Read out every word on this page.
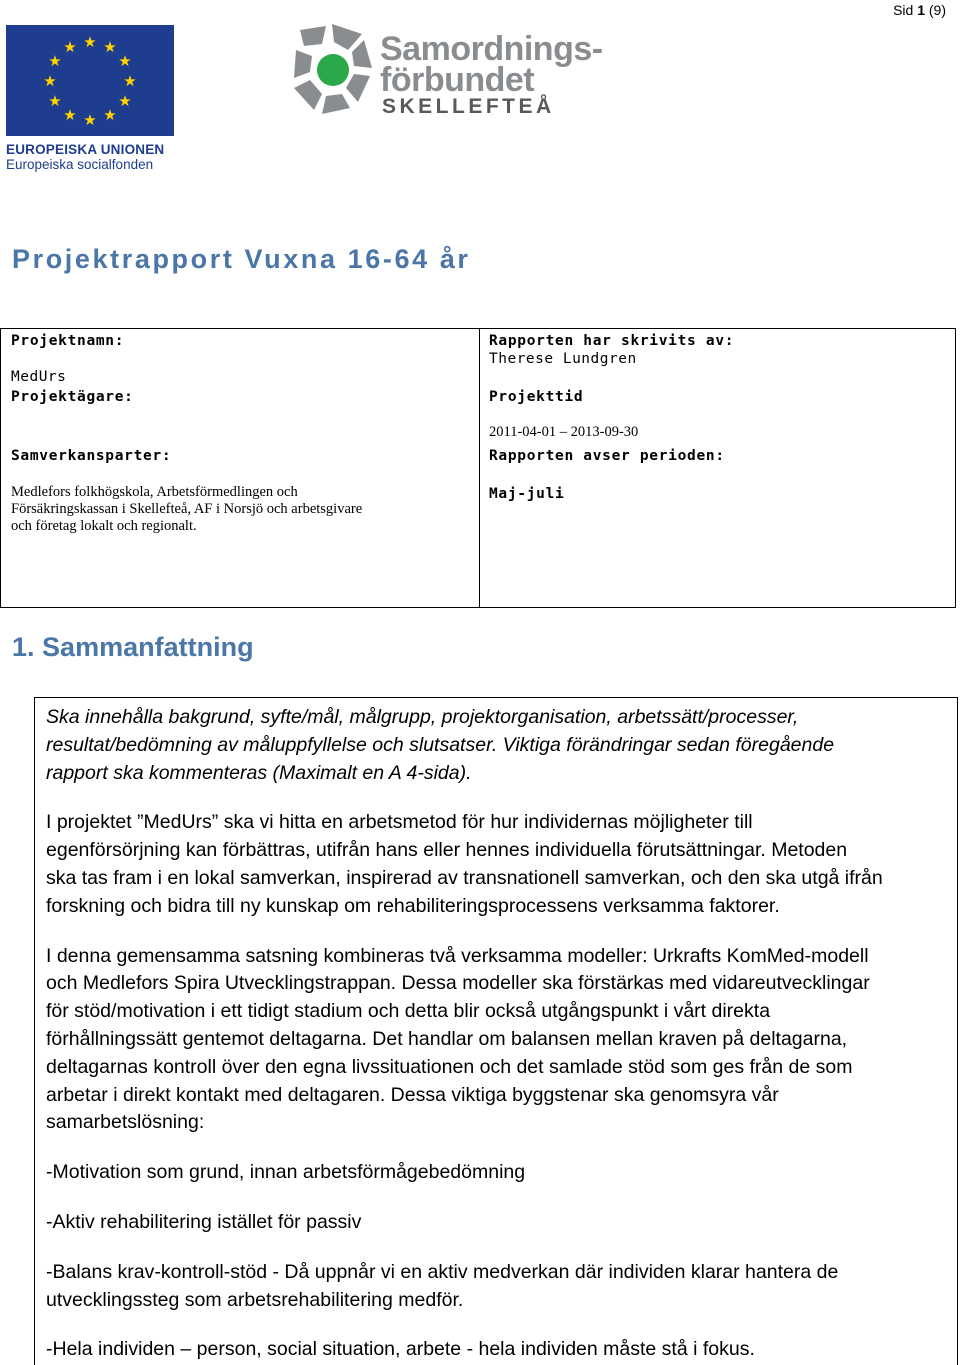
Sid 1 (9)
★ ★
★
★
★
★
★
★
★
★
★
★
EUROPEISKA UNIONEN
Europeiska socialfonden
Samordnings-
förbundet
SKELLEFTEÅ
Projektrapport Vuxna 16-64 år
Projektnamn:
MedUrs
Projektägare:
Samverkansparter:
Medlefors folkhögskola, Arbetsförmedlingen och
Försäkringskassan i Skellefteå, AF i Norsjö och arbetsgivare
och företag lokalt och regionalt.
Rapporten har skrivits av:
Therese Lundgren
Projekttid
2011-04-01 – 2013-09-30
Rapporten avser perioden:
Maj-juli
1. Sammanfattning

Ska innehålla bakgrund, syfte/mål, målgrupp, projektorganisation, arbetssätt/processer,
resultat/bedömning av måluppfyllelse och slutsatser. Viktiga förändringar sedan föregående
rapport ska kommenteras (Maximalt en A 4-sida).

I projektet ”MedUrs” ska vi hitta en arbetsmetod för hur individernas möjligheter till
egenförsörjning kan förbättras, utifrån hans eller hennes individuella förutsättningar. Metoden
ska tas fram i en lokal samverkan, inspirerad av transnationell samverkan, och den ska utgå ifrån
forskning och bidra till ny kunskap om rehabiliteringsprocessens verksamma faktorer.

I denna gemensamma satsning kombineras två verksamma modeller: Urkrafts KomMed-modell
och Medlefors Spira Utvecklingstrappan. Dessa modeller ska förstärkas med vidareutvecklingar
för stöd/motivation i ett tidigt stadium och detta blir också utgångspunkt i vårt direkta
förhållningssätt gentemot deltagarna. Det handlar om balansen mellan kraven på deltagarna,
deltagarnas kontroll över den egna livssituationen och det samlade stöd som ges från de som
arbetar i direkt kontakt med deltagaren. Dessa viktiga byggstenar ska genomsyra vår
samarbetslösning:

-Motivation som grund, innan arbetsförmågebedömning

-Aktiv rehabilitering istället för passiv

-Balans krav-kontroll-stöd - Då uppnår vi en aktiv medverkan där individen klarar hantera de
utvecklingssteg som arbetsrehabilitering medför.

-Hela individen – person, social situation, arbete - hela individen måste stå i fokus.
